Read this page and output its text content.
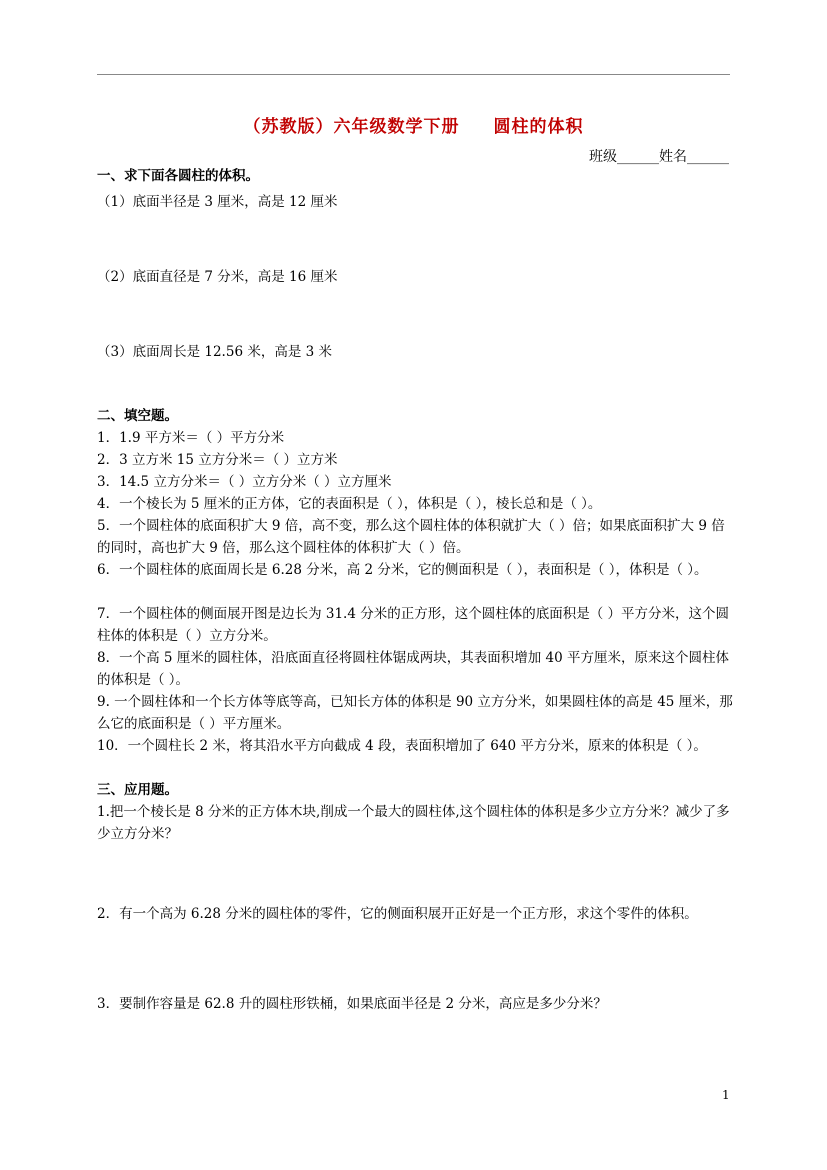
（苏教版）六年级数学下册 圆柱的体积
班级______姓名______
一、求下面各圆柱的体积。
（1）底面半径是 3 厘米，高是 12 厘米
（2）底面直径是 7 分米，高是 16 厘米
（3）底面周长是 12.56 米，高是 3 米
二、填空题。
1．1.9 平方米＝（ ）平方分米
2．3 立方米 15 立方分米＝（ ）立方米
3．14.5 立方分米＝（ ）立方分米（ ）立方厘米
4．一个棱长为 5 厘米的正方体，它的表面积是（ ），体积是（ ），棱长总和是（ ）。
5．一个圆柱体的底面积扩大 9 倍，高不变，那么这个圆柱体的体积就扩大（ ）倍；如果底面积扩大 9 倍的同时，高也扩大 9 倍，那么这个圆柱体的体积扩大（ ）倍。
6．一个圆柱体的底面周长是 6.28 分米，高 2 分米，它的侧面积是（ ），表面积是（ ），体积是（ ）。
7．一个圆柱体的侧面展开图是边长为 31.4 分米的正方形，这个圆柱体的底面积是（ ）平方分米，这个圆柱体的体积是（ ）立方分米。
8．一个高 5 厘米的圆柱体，沿底面直径将圆柱体锯成两块，其表面积增加 40 平方厘米，原来这个圆柱体的体积是（ ）。
9. 一个圆柱体和一个长方体等底等高，已知长方体的体积是 90 立方分米，如果圆柱体的高是 45 厘米，那么它的底面积是（ ）平方厘米。
10．一个圆柱长 2 米，将其沿水平方向截成 4 段，表面积增加了 640 平方分米，原来的体积是（ ）。
三、应用题。
1.把一个棱长是 8 分米的正方体木块,削成一个最大的圆柱体,这个圆柱体的体积是多少立方分米？减少了多少立方分米？
2．有一个高为 6.28 分米的圆柱体的零件，它的侧面积展开正好是一个正方形，求这个零件的体积。
3．要制作容量是 62.8 升的圆柱形铁桶，如果底面半径是 2 分米，高应是多少分米？
1
